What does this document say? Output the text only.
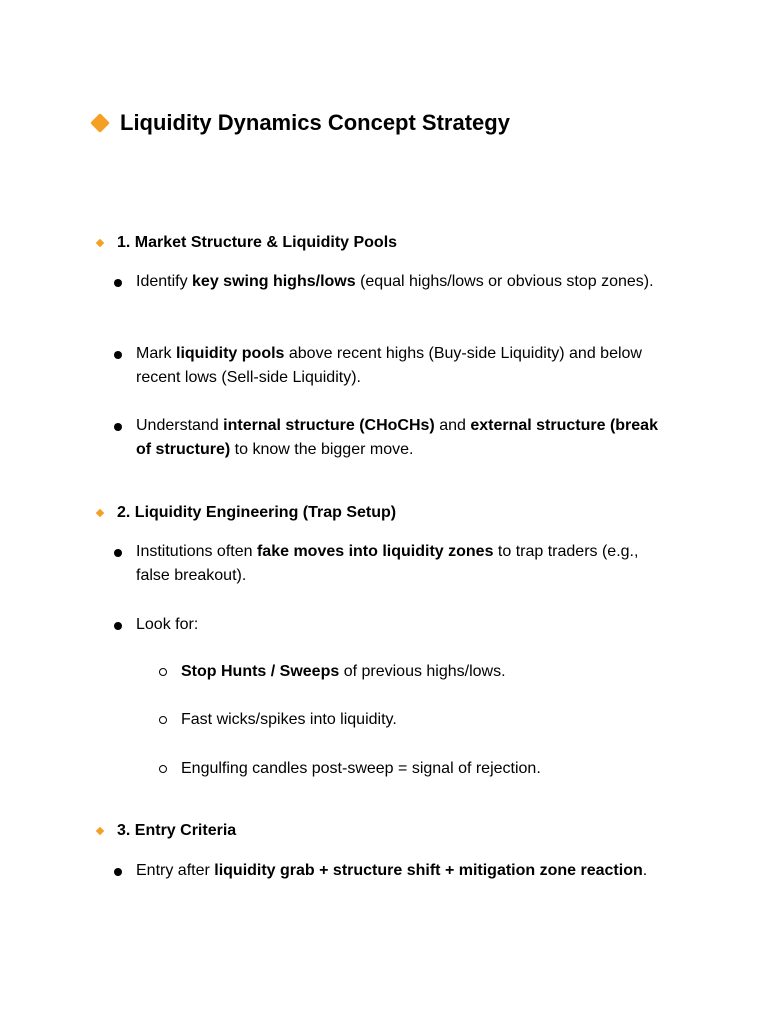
Liquidity Dynamics Concept Strategy
1. Market Structure & Liquidity Pools
Identify key swing highs/lows (equal highs/lows or obvious stop zones).
Mark liquidity pools above recent highs (Buy-side Liquidity) and below recent lows (Sell-side Liquidity).
Understand internal structure (CHoCHs) and external structure (break of structure) to know the bigger move.
2. Liquidity Engineering (Trap Setup)
Institutions often fake moves into liquidity zones to trap traders (e.g., false breakout).
Look for:
Stop Hunts / Sweeps of previous highs/lows.
Fast wicks/spikes into liquidity.
Engulfing candles post-sweep = signal of rejection.
3. Entry Criteria
Entry after liquidity grab + structure shift + mitigation zone reaction.
